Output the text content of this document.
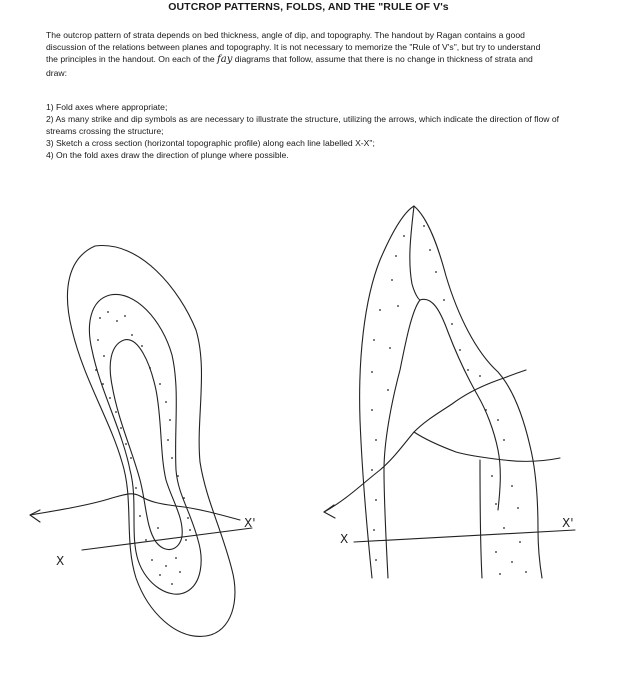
OUTCROP PATTERNS, FOLDS, AND THE "RULE OF V's
The outcrop pattern of strata depends on bed thickness, angle of dip, and topography. The handout by Ragan contains a good discussion of the relations between planes and topography. It is not necessary to memorize the "Rule of V's", but try to understand the principles in the handout. On each of the fay diagrams that follow, assume that there is no change in thickness of strata and draw:
1) Fold axes where appropriate;
2) As many strike and dip symbols as are necessary to illustrate the structure, utilizing the arrows, which indicate the direction of flow of streams crossing the structure;
3) Sketch a cross section (horizontal topographic profile) along each line labelled X-X";
4) On the fold axes draw the direction of plunge where possible.
X
X'
X
X'
